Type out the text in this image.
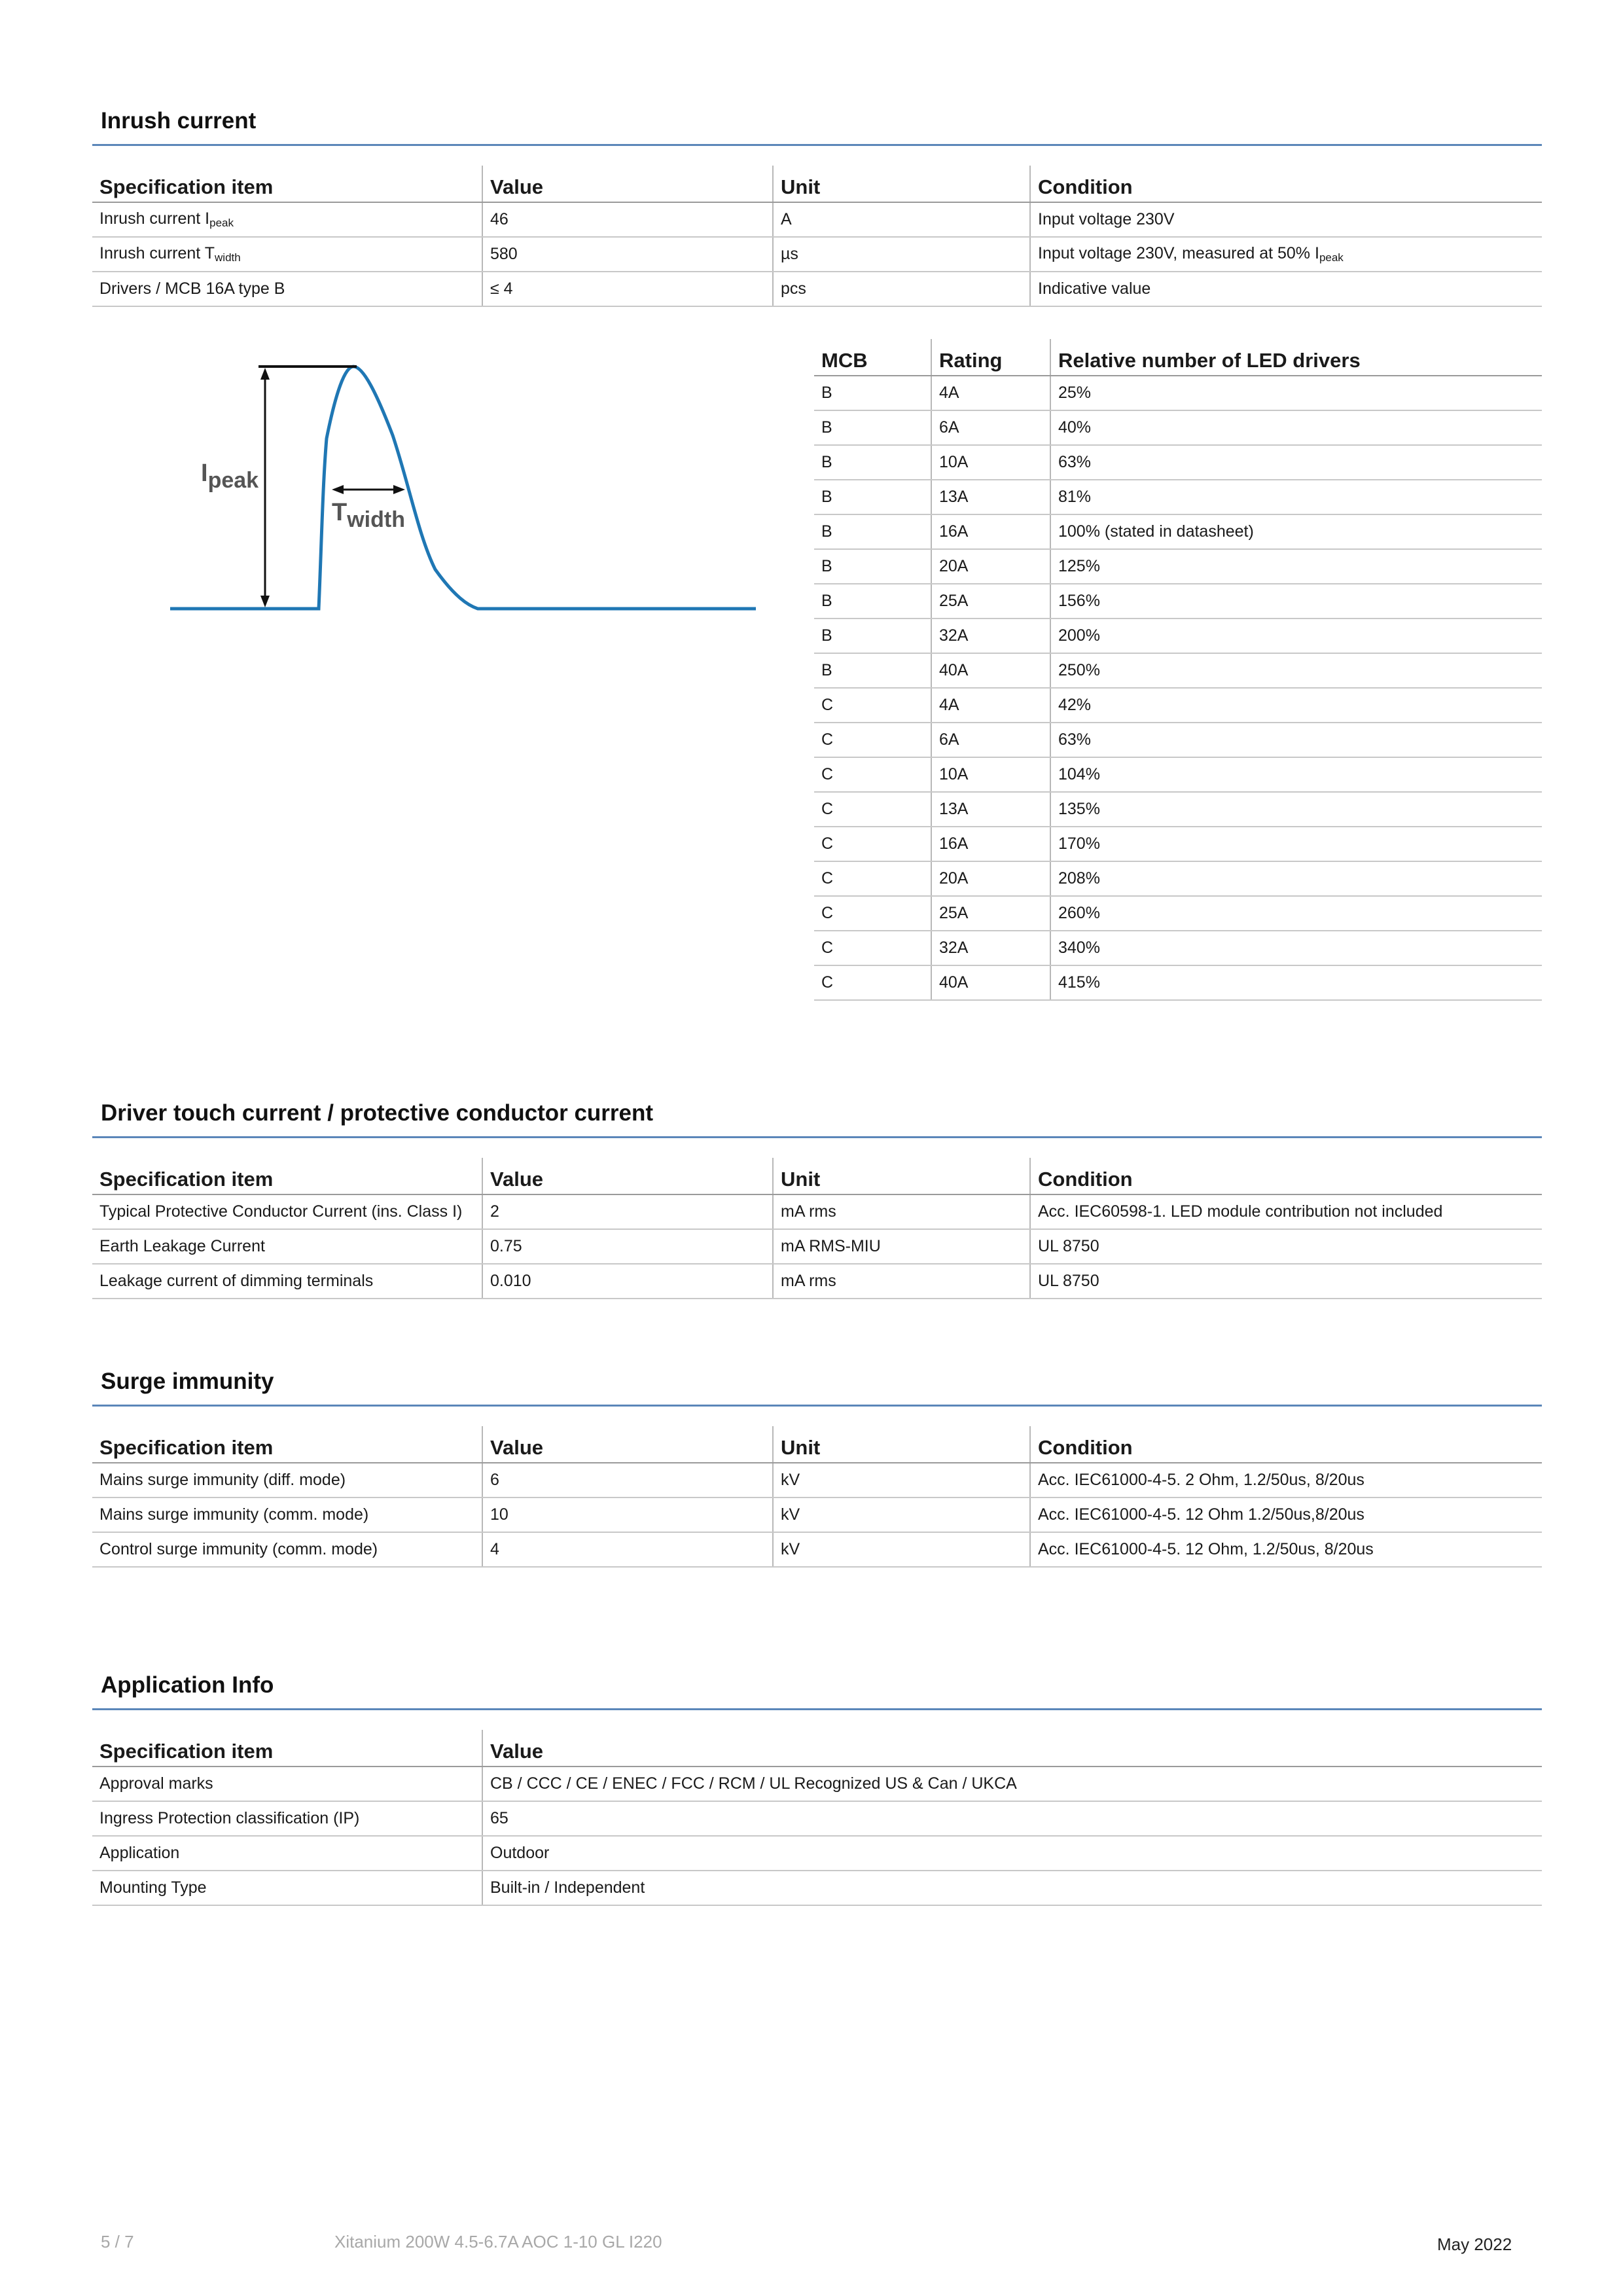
Inrush current
Specification item	Value	Unit	Condition
Inrush current $I_{peak}$	46	A	Input voltage 230V
Inrush current $T_{width}$	580	µs	Input voltage 230V, measured at 50% $I_{peak}$
Drivers / MCB 16A type B	≤ 4	pcs	Indicative value
Ipeak
Twidth
MCB	Rating	Relative number of LED drivers
B	4A	25%
B	6A	40%
B	10A	63%
B	13A	81%
B	16A	100% (stated in datasheet)
B	20A	125%
B	25A	156%
B	32A	200%
B	40A	250%
C	4A	42%
C	6A	63%
C	10A	104%
C	13A	135%
C	16A	170%
C	20A	208%
C	25A	260%
C	32A	340%
C	40A	415%
Driver touch current / protective conductor current
Specification item	Value	Unit	Condition
Typical Protective Conductor Current (ins. Class I)	2	mA rms	Acc. IEC60598-1. LED module contribution not included
Earth Leakage Current	0.75	mA RMS-MIU	UL 8750
Leakage current of dimming terminals	0.010	mA rms	UL 8750
Surge immunity
Specification item	Value	Unit	Condition
Mains surge immunity (diff. mode)	6	kV	Acc. IEC61000-4-5. 2 Ohm, 1.2/50us, 8/20us
Mains surge immunity (comm. mode)	10	kV	Acc. IEC61000-4-5. 12 Ohm 1.2/50us,8/20us
Control surge immunity (comm. mode)	4	kV	Acc. IEC61000-4-5. 12 Ohm, 1.2/50us, 8/20us
Application Info
Specification item	Value
Approval marks	CB / CCC / CE / ENEC / FCC / RCM / UL Recognized US & Can / UKCA
Ingress Protection classification (IP)	65
Application	Outdoor
Mounting Type	Built-in / Independent
5 / 7	Xitanium 200W 4.5-6.7A AOC 1-10 GL I220	May 2022
